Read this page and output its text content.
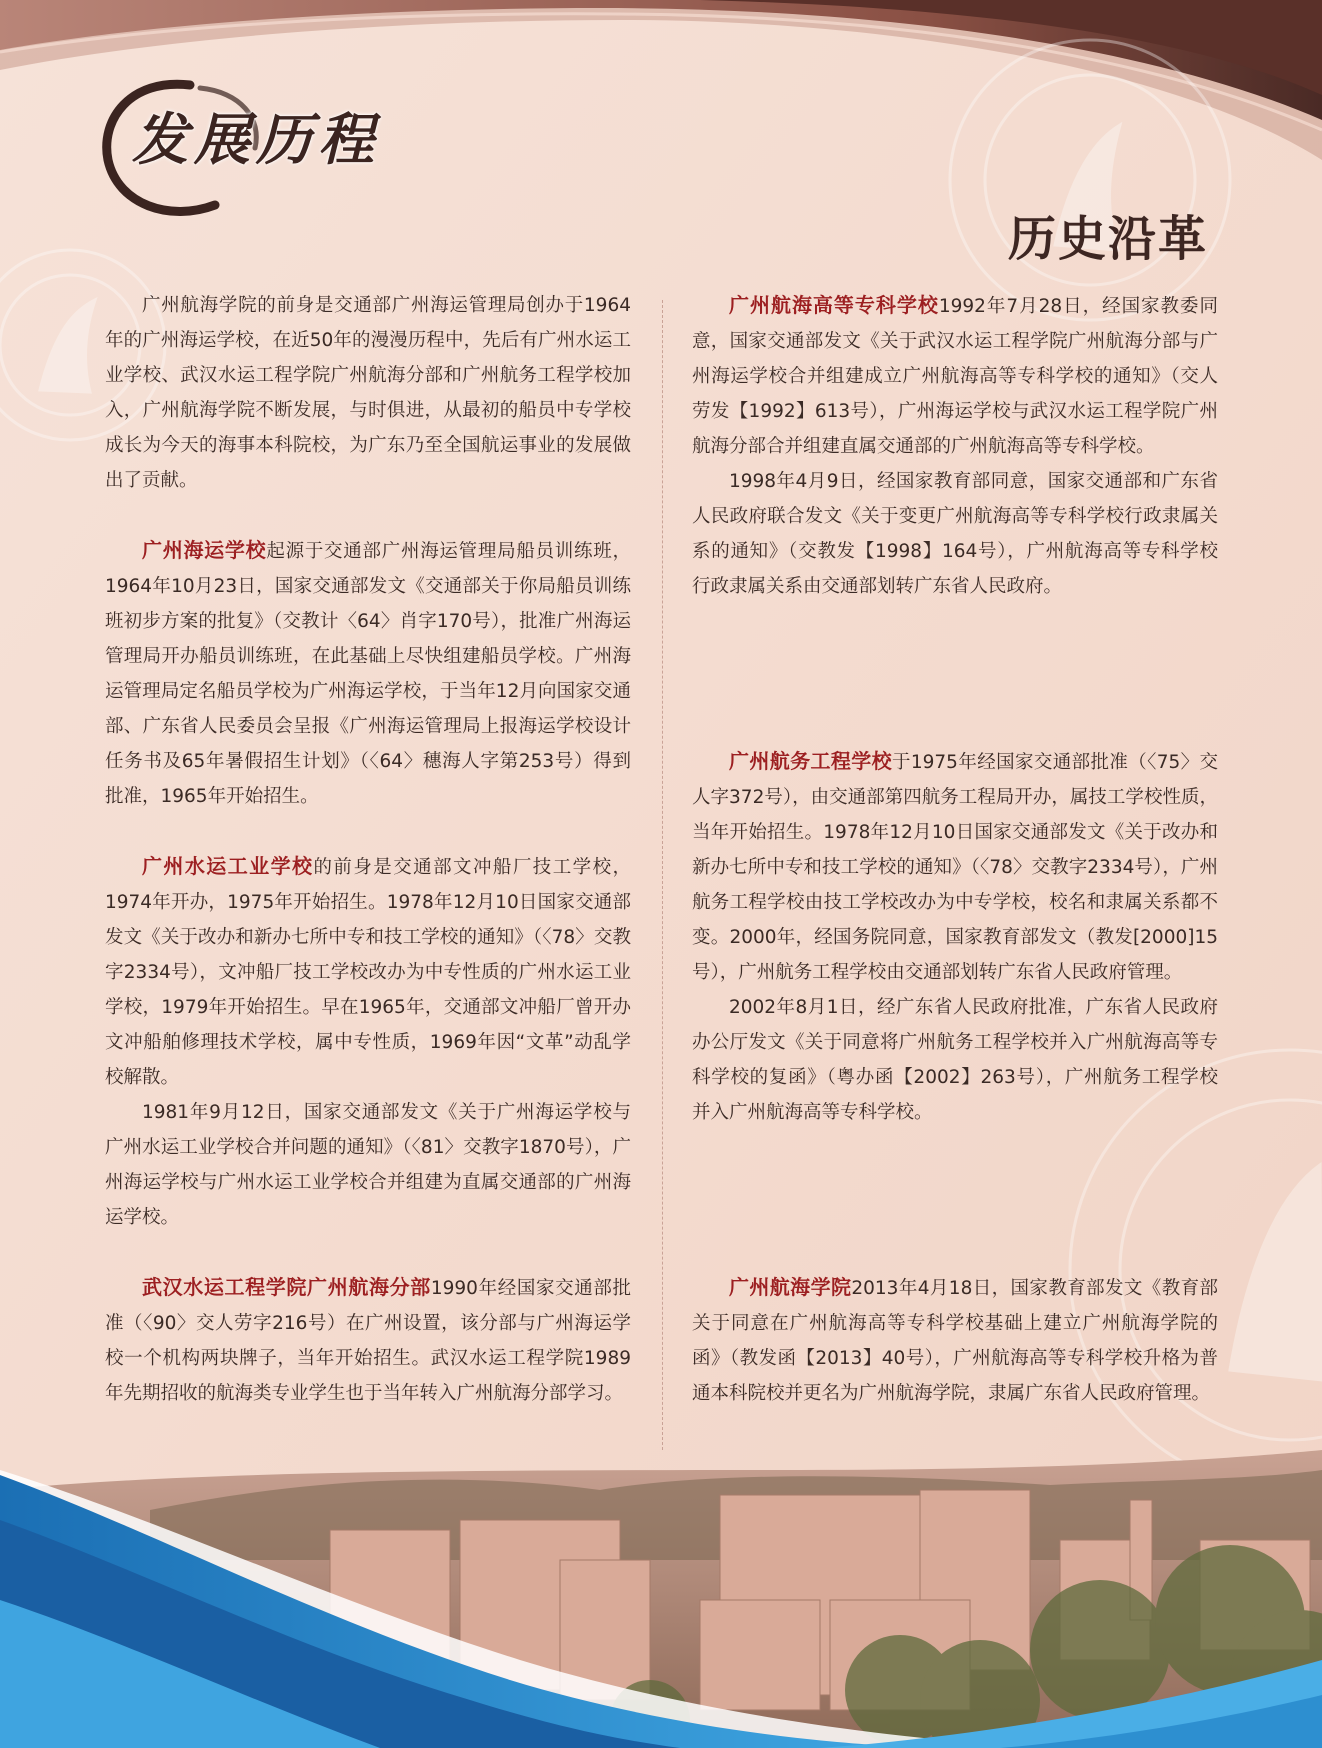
发展历程
历史沿革

广州航海学院的前身是交通部广州海运管理局创办于1964年的广州海运学校，在近50年的漫漫历程中，先后有广州水运工业学校、武汉水运工程学院广州航海分部和广州航务工程学校加入，广州航海学院不断发展，与时俱进，从最初的船员中专学校成长为今天的海事本科院校，为广东乃至全国航运事业的发展做出了贡献。

广州海运学校起源于交通部广州海运管理局船员训练班，1964年10月23日，国家交通部发文《交通部关于你局船员训练班初步方案的批复》（交教计〈64〉肖字170号），批准广州海运管理局开办船员训练班，在此基础上尽快组建船员学校。广州海运管理局定名船员学校为广州海运学校，于当年12月向国家交通部、广东省人民委员会呈报《广州海运管理局上报海运学校设计任务书及65年暑假招生计划》（〈64〉穗海人字第253号）得到批准，1965年开始招生。

广州水运工业学校的前身是交通部文冲船厂技工学校，1974年开办，1975年开始招生。1978年12月10日国家交通部发文《关于改办和新办七所中专和技工学校的通知》（〈78〉交教字2334号），文冲船厂技工学校改办为中专性质的广州水运工业学校，1979年开始招生。早在1965年，交通部文冲船厂曾开办文冲船舶修理技术学校，属中专性质，1969年因“文革”动乱学校解散。

1981年9月12日，国家交通部发文《关于广州海运学校与广州水运工业学校合并问题的通知》（〈81〉交教字1870号），广州海运学校与广州水运工业学校合并组建为直属交通部的广州海运学校。

武汉水运工程学院广州航海分部1990年经国家交通部批准（〈90〉交人劳字216号）在广州设置，该分部与广州海运学校一个机构两块牌子，当年开始招生。武汉水运工程学院1989年先期招收的航海类专业学生也于当年转入广州航海分部学习。

广州航海高等专科学校1992年7月28日，经国家教委同意，国家交通部发文《关于武汉水运工程学院广州航海分部与广州海运学校合并组建成立广州航海高等专科学校的通知》（交人劳发【1992】613号），广州海运学校与武汉水运工程学院广州航海分部合并组建直属交通部的广州航海高等专科学校。

1998年4月9日，经国家教育部同意，国家交通部和广东省人民政府联合发文《关于变更广州航海高等专科学校行政隶属关系的通知》（交教发【1998】164号），广州航海高等专科学校行政隶属关系由交通部划转广东省人民政府。

广州航务工程学校于1975年经国家交通部批准（〈75〉交人字372号），由交通部第四航务工程局开办，属技工学校性质，当年开始招生。1978年12月10日国家交通部发文《关于改办和新办七所中专和技工学校的通知》（〈78〉交教字2334号），广州航务工程学校由技工学校改办为中专学校，校名和隶属关系都不变。2000年，经国务院同意，国家教育部发文（教发[2000]15号），广州航务工程学校由交通部划转广东省人民政府管理。

2002年8月1日，经广东省人民政府批准，广东省人民政府办公厅发文《关于同意将广州航务工程学校并入广州航海高等专科学校的复函》（粤办函【2002】263号），广州航务工程学校并入广州航海高等专科学校。

广州航海学院2013年4月18日，国家教育部发文《教育部关于同意在广州航海高等专科学校基础上建立广州航海学院的函》（教发函【2013】40号），广州航海高等专科学校升格为普通本科院校并更名为广州航海学院，隶属广东省人民政府管理。
